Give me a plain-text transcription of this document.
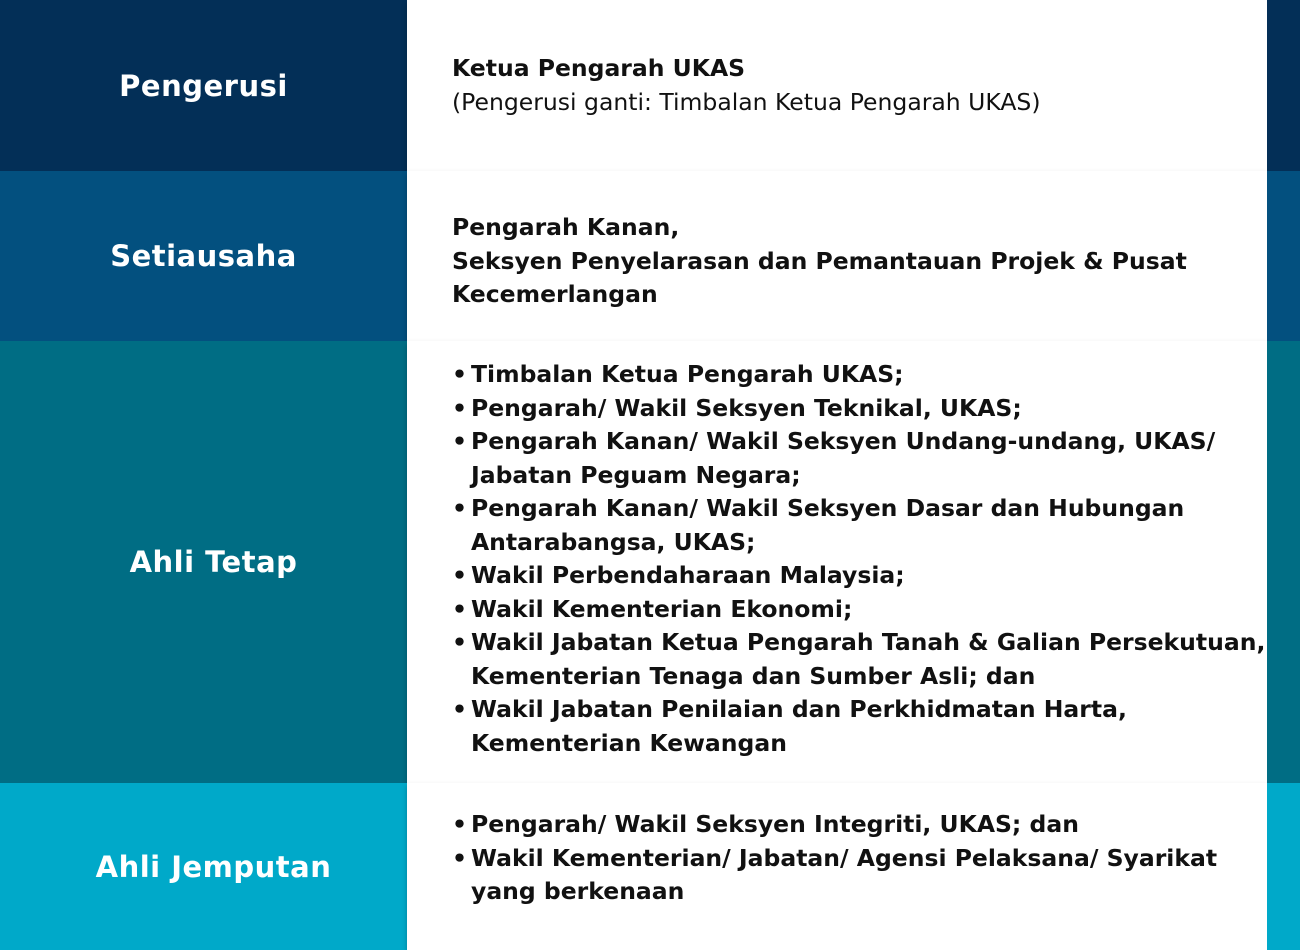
Pengerusi
Ketua Pengarah UKAS
(Pengerusi ganti: Timbalan Ketua Pengarah UKAS)
Setiausaha
Pengarah Kanan,
Seksyen Penyelarasan dan Pemantauan Projek & Pusat
Kecemerlangan
Ahli Tetap
• Timbalan Ketua Pengarah UKAS;
• Pengarah/ Wakil Seksyen Teknikal, UKAS;
• Pengarah Kanan/ Wakil Seksyen Undang-undang, UKAS/
Jabatan Peguam Negara;
• Pengarah Kanan/ Wakil Seksyen Dasar dan Hubungan
Antarabangsa, UKAS;
• Wakil Perbendaharaan Malaysia;
• Wakil Kementerian Ekonomi;
• Wakil Jabatan Ketua Pengarah Tanah & Galian Persekutuan,
Kementerian Tenaga dan Sumber Asli; dan
• Wakil Jabatan Penilaian dan Perkhidmatan Harta,
Kementerian Kewangan
Ahli Jemputan
• Pengarah/ Wakil Seksyen Integriti, UKAS; dan
• Wakil Kementerian/ Jabatan/ Agensi Pelaksana/ Syarikat
yang berkenaan
